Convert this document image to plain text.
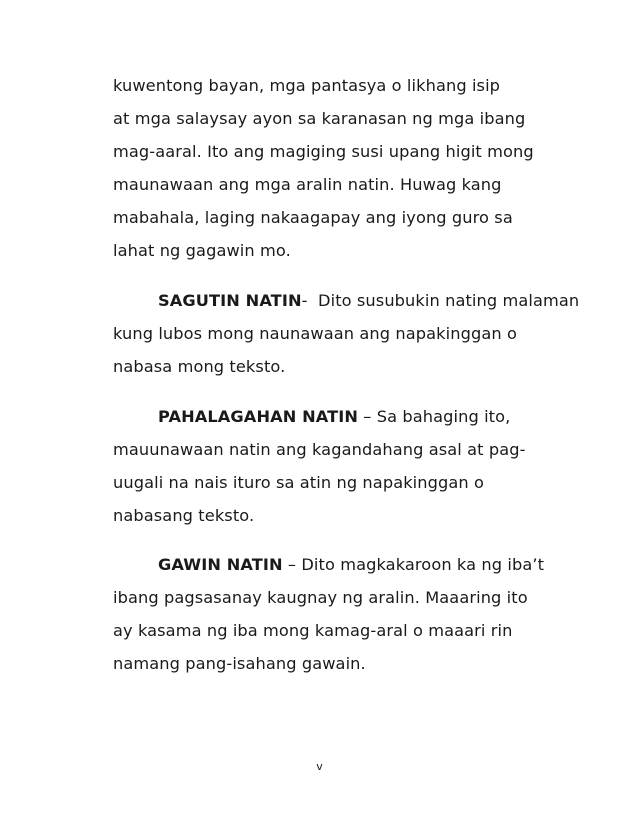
kuwentong bayan, mga pantasya o likhang isip
at mga salaysay ayon sa karanasan ng mga ibang
mag-aaral. Ito ang magiging susi upang higit mong
maunawaan ang mga aralin natin. Huwag kang
mabahala, laging nakaagapay ang iyong guro sa
lahat ng gagawin mo.
SAGUTIN NATIN-  Dito susubukin nating malaman
kung lubos mong naunawaan ang napakinggan o
nabasa mong teksto.
PAHALAGAHAN NATIN – Sa bahaging ito,
mauunawaan natin ang kagandahang asal at pag-
uugali na nais ituro sa atin ng napakinggan o
nabasang teksto.
GAWIN NATIN – Dito magkakaroon ka ng iba’t
ibang pagsasanay kaugnay ng aralin. Maaaring ito
ay kasama ng iba mong kamag-aral o maaari rin
namang pang-isahang gawain.
v
